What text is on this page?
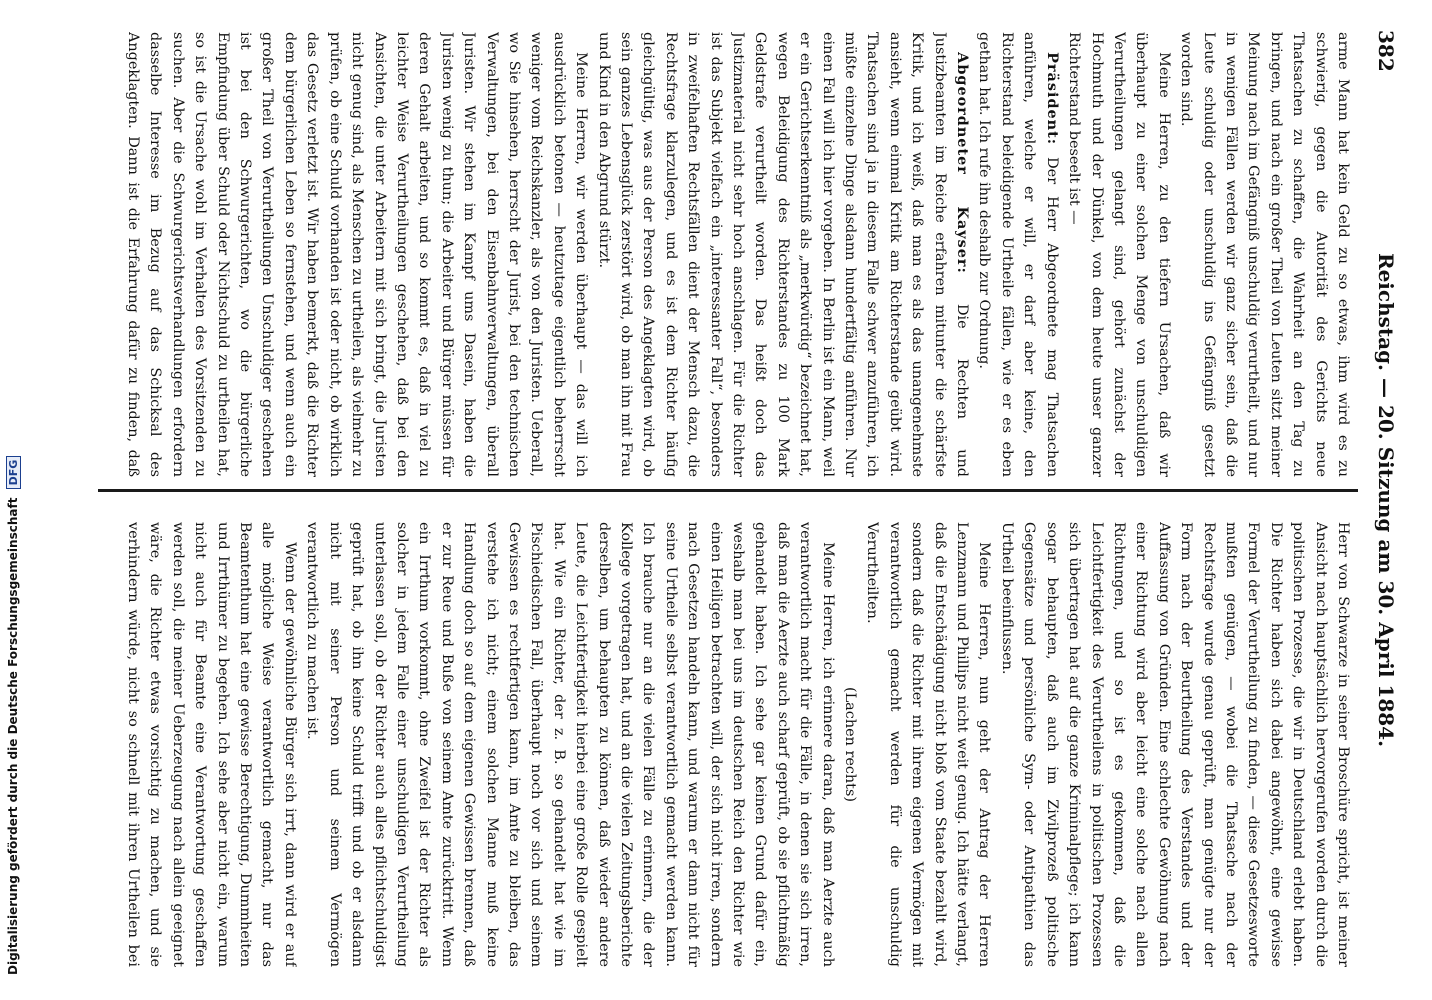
Digitalisierung gefördert durch die Deutsche Forschungsgemeinschaft DFG
382
Reichstag. — 20. Sitzung am 30. April 1884.

arme Mann hat kein Geld zu so etwas, ihm wird es zu schwierig, gegen die Autorität des Gerichts neue Thatsachen zu schaffen, die Wahrheit an den Tag zu bringen, und nach ein großer Theil von Leuten sitzt meiner Meinung nach im Gefängniß unschuldig verurtheilt, und nur in wenigen Fällen werden wir ganz sicher sein, daß die Leute schuldig oder unschuldig ins Gefängniß gesetzt worden sind.

Meine Herren, zu den tiefern Ursachen, daß wir überhaupt zu einer solchen Menge von unschuldigen Verurtheilungen gelangt sind, gehört zunächst der Hochmuth und der Dünkel, von dem heute unser ganzer Richterstand beseelt ist —

Präsident: Der Herr Abgeordnete mag Thatsachen anführen, welche er will, er darf aber keine, den Richterstand beleidigende Urtheile fällen, wie er es eben gethan hat. Ich rufe ihn deshalb zur Ordnung.

Abgeordneter Kayser: Die Rechten und Justizbeamten im Reiche erfahren mitunter die schärfste Kritik, und ich weiß, daß man es als das unangenehmste ansieht, wenn einmal Kritik am Richterstande geübt wird. Thatsachen sind ja in diesem Falle schwer anzuführen, ich müßte einzelne Dinge alsdann hundertfältig anführen. Nur einen Fall will ich hier vorgeben. In Berlin ist ein Mann, weil er ein Gerichtserkenntniß als „merkwürdig“ bezeichnet hat, wegen Beleidigung des Richterstandes zu 100 Mark Geldstrafe verurtheilt worden. Das heißt doch das Justizmaterial nicht sehr hoch anschlagen. Für die Richter ist das Subjekt vielfach ein „interessanter Fall“, besonders in zweifelhaften Rechtsfällen dient der Mensch dazu, die Rechtsfrage klarzulegen, und es ist dem Richter häufig gleichgültig, was aus der Person des Angeklagten wird, ob sein ganzes Lebensglück zerstört wird, ob man ihn mit Frau und Kind in den Abgrund stürzt.

Meine Herren, wir werden überhaupt — das will ich ausdrücklich betonen — heutzutage eigentlich beherrscht weniger vom Reichskanzler, als von den Juristen. Ueberall, wo Sie hinsehen, herrscht der Jurist, bei den technischen Verwaltungen, bei den Eisenbahnverwaltungen, überall Juristen. Wir stehen im Kampf ums Dasein, haben die Juristen wenig zu thun; die Arbeiter und Bürger müssen für deren Gehalt arbeiten, und so kommt es, daß in viel zu leichter Weise Verurtheilungen geschehen, daß bei den Ansichten, die unter Arbeitern mit sich bringt, die Juristen nicht genug sind, als Menschen zu urtheilen, als vielmehr zu prüfen, ob eine Schuld vorhanden ist oder nicht, ob wirklich das Gesetz verletzt ist. Wir haben bemerkt, daß die Richter dem bürgerlichen Leben so fernstehen, und wenn auch ein großer Theil von Verurtheilungen Unschuldiger geschehen ist bei den Schwurgerichten, wo die bürgerliche Empfindung über Schuld oder Nichtschuld zu urtheilen hat, so ist die Ursache wohl im Verhalten des Vorsitzenden zu suchen. Aber die Schwurgerichtsverhandlungen erfordern dasselbe Interesse im Bezug auf das Schicksal des Angeklagten. Dann ist die Erfahrung dafür zu finden, daß

Herr von Schwarze in seiner Broschüre spricht, ist meiner Ansicht nach hauptsächlich hervorgerufen worden durch die politischen Prozesse, die wir in Deutschland erlebt haben. Die Richter haben sich dabei angewöhnt, eine gewisse Formel der Verurtheilung zu finden, — diese Gesetzesworte mußten genügen, — wobei die Thatsache nach der Rechtsfrage wurde genau geprüft, man genügte nur der Form nach der Beurtheilung des Verstandes und der Auffassung von Gründen. Eine schlechte Gewöhnung nach einer Richtung wird aber leicht eine solche nach allen Richtungen, und so ist es gekommen, daß die Leichtfertigkeit des Verurtheilens in politischen Prozessen sich übertragen hat auf die ganze Kriminalpflege; ich kann sogar behaupten, daß auch im Zivilprozeß politische Gegensätze und persönliche Sym- oder Antipathien das Urtheil beeinflussen.

Meine Herren, nun geht der Antrag der Herren Lenzmann und Phillips nicht weit genug. Ich hätte verlangt, daß die Entschädigung nicht bloß vom Staate bezahlt wird, sondern daß die Richter mit ihrem eigenen Vermögen mit verantwortlich gemacht werden für die unschuldig Verurtheilten.

(Lachen rechts)

Meine Herren, ich erinnere daran, daß man Aerzte auch verantwortlich macht für die Fälle, in denen sie sich irren, daß man die Aerzte auch scharf geprüft, ob sie pflichtmäßig gehandelt haben. Ich sehe gar keinen Grund dafür ein, weshalb man bei uns im deutschen Reich den Richter wie einen Heiligen betrachten will, der sich nicht irren, sondern nach Gesetzen handeln kann, und warum er dann nicht für seine Urtheile selbst verantwortlich gemacht werden kann. Ich brauche nur an die vielen Fälle zu erinnern, die der Kollege vorgetragen hat, und an die vielen Zeitungsberichte derselben, um behaupten zu können, daß wieder andere Leute, die Leichtfertigkeit hierbei eine große Rolle gespielt hat. Wie ein Richter, der z. B. so gehandelt hat wie im Pischiedischen Fall, überhaupt noch vor sich und seinem Gewissen es rechtfertigen kann, im Amte zu bleiben, das verstehe ich nicht; einem solchen Manne muß keine Handlung doch so auf dem eigenen Gewissen brennen, daß er zur Reue und Buße von seinem Amte zurücktritt. Wenn ein Irrthum vorkommt, ohne Zweifel ist der Richter als solcher in jedem Falle einer unschuldigen Verurtheilung unterlassen soll, ob der Richter auch alles pflichtschuldigst geprüft hat, ob ihn keine Schuld trifft und ob er alsdann nicht mit seiner Person und seinem Vermögen verantwortlich zu machen ist.

Wenn der gewöhnliche Bürger sich irrt, dann wird er auf alle mögliche Weise verantwortlich gemacht, nur das Beamtenthum hat eine gewisse Berechtigung, Dummheiten und Irrthümer zu begehen. Ich sehe aber nicht ein, warum nicht auch für Beamte eine Verantwortung geschaffen werden soll, die meiner Ueberzeugung nach allein geeignet wäre, die Richter etwas vorsichtig zu machen, und sie verhindern würde, nicht so schnell mit ihren Urtheilen bei
